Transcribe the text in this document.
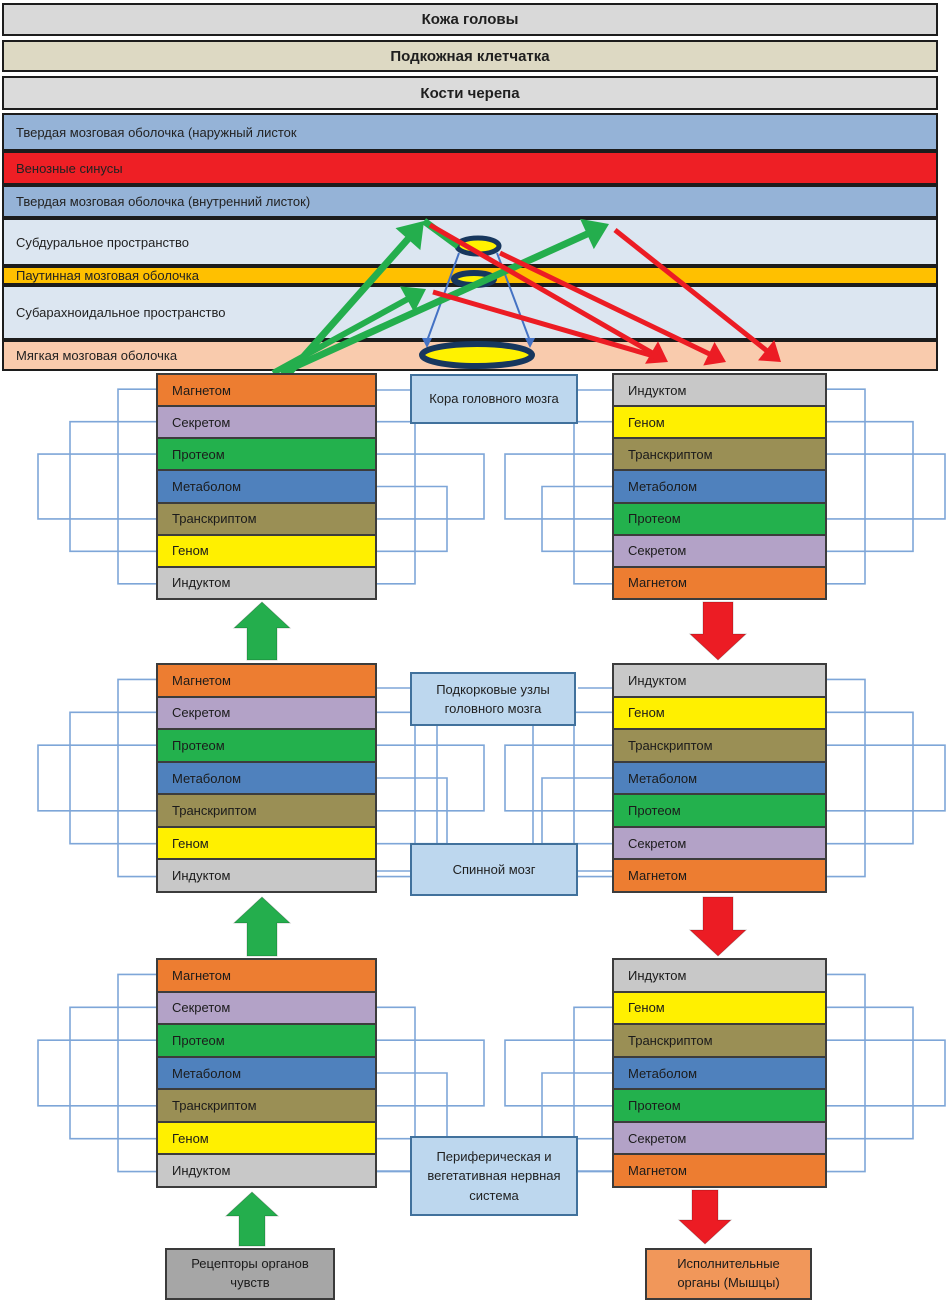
Кожа головы
Подкожная клетчатка
Кости черепа
Твердая мозговая оболочка (наружный листок
Венозные синусы
Твердая мозговая оболочка (внутренний листок)
Субдуральное пространство
Паутинная мозговая оболочка
Субарахноидальное пространство
Мягкая мозговая оболочка
Магнетом
Секретом
Протеом
Метаболом
Транскриптом
Геном
Индуктом
Индуктом
Геном
Транскриптом
Метаболом
Протеом
Секретом
Магнетом
Магнетом
Секретом
Протеом
Метаболом
Транскриптом
Геном
Индуктом
Индуктом
Геном
Транскриптом
Метаболом
Протеом
Секретом
Магнетом
Магнетом
Секретом
Протеом
Метаболом
Транскриптом
Геном
Индуктом
Индуктом
Геном
Транскриптом
Метаболом
Протеом
Секретом
Магнетом
Кора головного мозга
Подкорковые узлы головного мозга
Спинной мозг
Периферическая и вегетативная нервная система
Рецепторы органов чувств
Исполнительные органы (Мышцы)
